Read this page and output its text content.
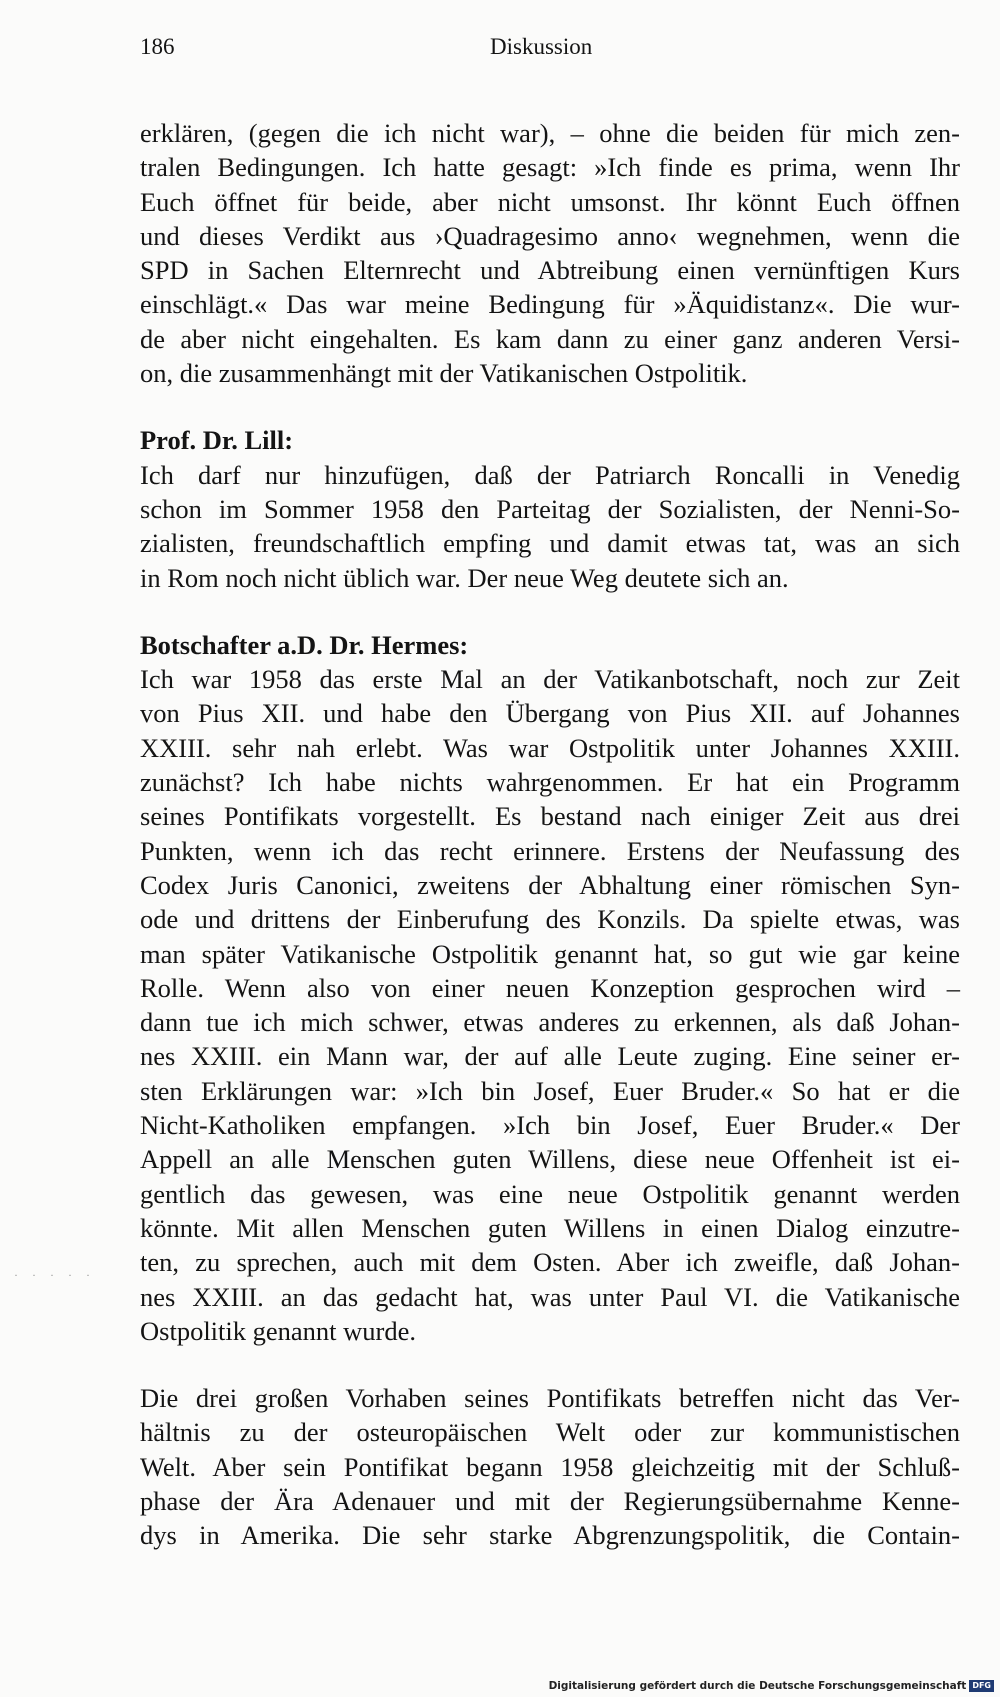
186	Diskussion
erklären, (gegen die ich nicht war), – ohne die beiden für mich zen-
tralen Bedingungen. Ich hatte gesagt: »Ich finde es prima, wenn Ihr
Euch öffnet für beide, aber nicht umsonst. Ihr könnt Euch öffnen
und dieses Verdikt aus ›Quadragesimo anno‹ wegnehmen, wenn die
SPD in Sachen Elternrecht und Abtreibung einen vernünftigen Kurs
einschlägt.« Das war meine Bedingung für »Äquidistanz«. Die wur-
de aber nicht eingehalten. Es kam dann zu einer ganz anderen Versi-
on, die zusammenhängt mit der Vatikanischen Ostpolitik.
Prof. Dr. Lill:
Ich darf nur hinzufügen, daß der Patriarch Roncalli in Venedig
schon im Sommer 1958 den Parteitag der Sozialisten, der Nenni-So-
zialisten, freundschaftlich empfing und damit etwas tat, was an sich
in Rom noch nicht üblich war. Der neue Weg deutete sich an.
Botschafter a.D. Dr. Hermes:
Ich war 1958 das erste Mal an der Vatikanbotschaft, noch zur Zeit
von Pius XII. und habe den Übergang von Pius XII. auf Johannes
XXIII. sehr nah erlebt. Was war Ostpolitik unter Johannes XXIII.
zunächst? Ich habe nichts wahrgenommen. Er hat ein Programm
seines Pontifikats vorgestellt. Es bestand nach einiger Zeit aus drei
Punkten, wenn ich das recht erinnere. Erstens der Neufassung des
Codex Juris Canonici, zweitens der Abhaltung einer römischen Syn-
ode und drittens der Einberufung des Konzils. Da spielte etwas, was
man später Vatikanische Ostpolitik genannt hat, so gut wie gar keine
Rolle. Wenn also von einer neuen Konzeption gesprochen wird –
dann tue ich mich schwer, etwas anderes zu erkennen, als daß Johan-
nes XXIII. ein Mann war, der auf alle Leute zuging. Eine seiner er-
sten Erklärungen war: »Ich bin Josef, Euer Bruder.« So hat er die
Nicht-Katholiken empfangen. »Ich bin Josef, Euer Bruder.« Der
Appell an alle Menschen guten Willens, diese neue Offenheit ist ei-
gentlich das gewesen, was eine neue Ostpolitik genannt werden
könnte. Mit allen Menschen guten Willens in einen Dialog einzutre-
ten, zu sprechen, auch mit dem Osten. Aber ich zweifle, daß Johan-
nes XXIII. an das gedacht hat, was unter Paul VI. die Vatikanische
Ostpolitik genannt wurde.
Die drei großen Vorhaben seines Pontifikats betreffen nicht das Ver-
hältnis zu der osteuropäischen Welt oder zur kommunistischen
Welt. Aber sein Pontifikat begann 1958 gleichzeitig mit der Schluß-
phase der Ära Adenauer und mit der Regierungsübernahme Kenne-
dys in Amerika. Die sehr starke Abgrenzungspolitik, die Contain-
·····
Digitalisierung gefördert durch die Deutsche Forschungsgemeinschaft DFG
